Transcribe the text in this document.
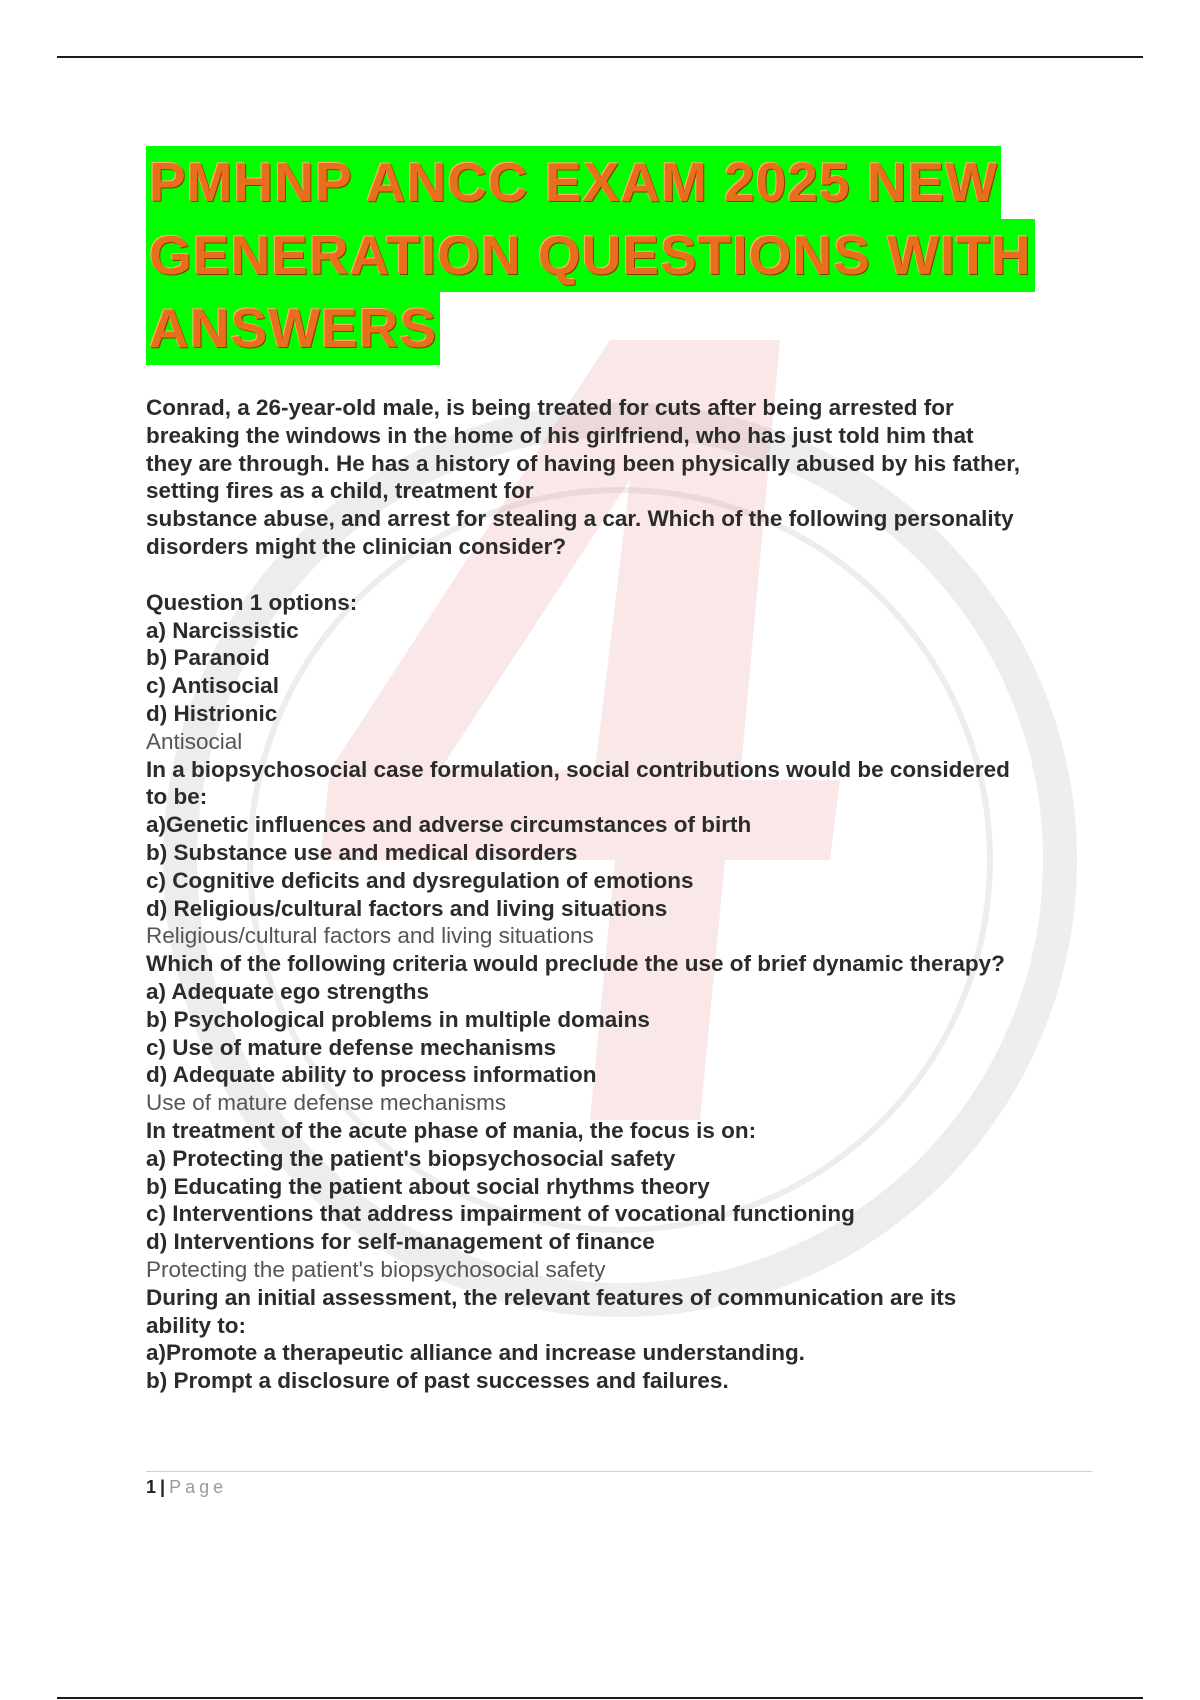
PMHNP ANCC EXAM 2025 NEW
GENERATION QUESTIONS WITH
ANSWERS
Conrad, a 26-year-old male, is being treated for cuts after being arrested for
breaking the windows in the home of his girlfriend, who has just told him that
they are through. He has a history of having been physically abused by his father,
setting fires as a child, treatment for
substance abuse, and arrest for stealing a car. Which of the following personality
disorders might the clinician consider?
Question 1 options:
a) Narcissistic
b) Paranoid
c) Antisocial
d) Histrionic
Antisocial
In a biopsychosocial case formulation, social contributions would be considered
to be:
a)Genetic influences and adverse circumstances of birth
b) Substance use and medical disorders
c) Cognitive deficits and dysregulation of emotions
d) Religious/cultural factors and living situations
Religious/cultural factors and living situations
Which of the following criteria would preclude the use of brief dynamic therapy?
a) Adequate ego strengths
b) Psychological problems in multiple domains
c) Use of mature defense mechanisms
d) Adequate ability to process information
Use of mature defense mechanisms
In treatment of the acute phase of mania, the focus is on:
a) Protecting the patient's biopsychosocial safety
b) Educating the patient about social rhythms theory
c) Interventions that address impairment of vocational functioning
d) Interventions for self-management of finance
Protecting the patient's biopsychosocial safety
During an initial assessment, the relevant features of communication are its
ability to:
a)Promote a therapeutic alliance and increase understanding.
b) Prompt a disclosure of past successes and failures.
1 | Page
